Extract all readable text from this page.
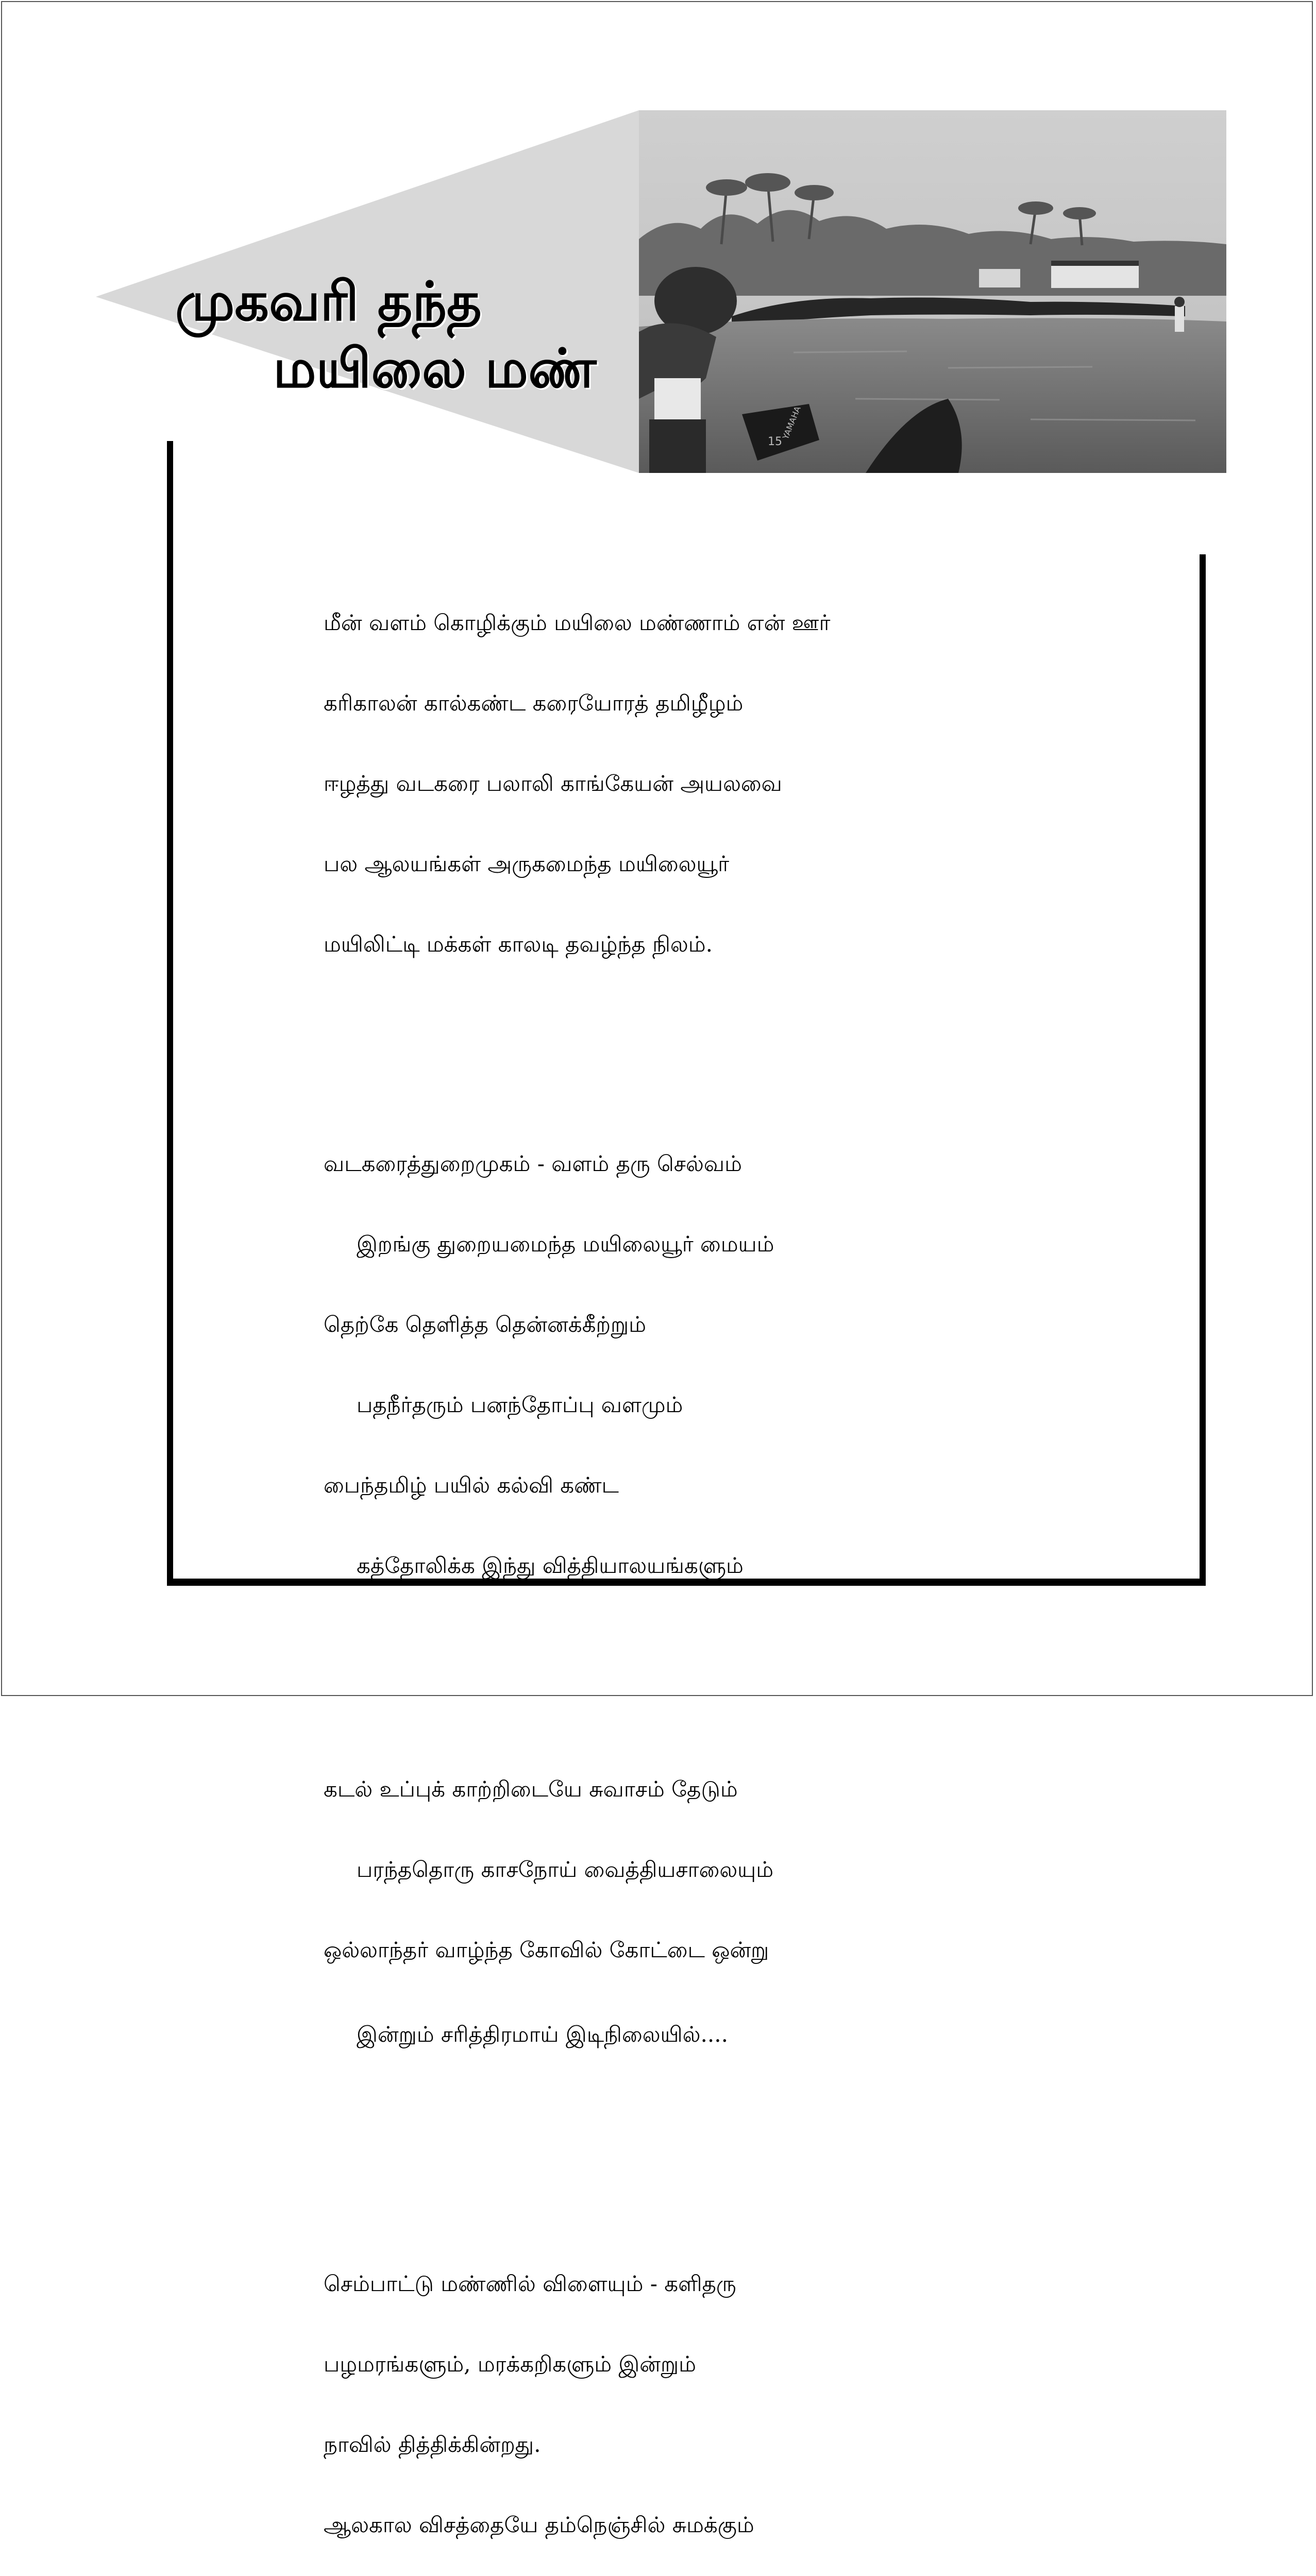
15
YAMAHA
முகவரி தந்த
மயிலை மண்

மீன் வளம் கொழிக்கும் மயிலை மண்ணாம் என் ஊர்

கரிகாலன் கால்கண்ட கரையோரத் தமிழீழம்

ஈழத்து வடகரை பலாலி காங்கேயன் அயலவை

பல ஆலயங்கள் அருகமைந்த மயிலையூர்

மயிலிட்டி மக்கள் காலடி தவழ்ந்த நிலம்.

வடகரைத்துறைமுகம் - வளம் தரு செல்வம்

இறங்கு துறையமைந்த மயிலையூர் மையம்

தெற்கே தெளித்த தென்னக்கீற்றும்

பதநீர்தரும் பனந்தோப்பு வளமும்

பைந்தமிழ் பயில் கல்வி கண்ட

கத்தோலிக்க இந்து வித்தியாலயங்களும்

கடல் உப்புக் காற்றிடையே சுவாசம் தேடும்

பரந்ததொரு காசநோய் வைத்தியசாலையும்

ஒல்லாந்தர் வாழ்ந்த கோவில் கோட்டை ஒன்று

இன்றும் சரித்திரமாய் இடிநிலையில்....

செம்பாட்டு மண்ணில் விளையும் - களிதரு

பழமரங்களும், மரக்கறிகளும் இன்றும்

நாவில் தித்திக்கின்றது.

ஆலகால விசத்தையே தம்நெஞ்சில் சுமக்கும்
